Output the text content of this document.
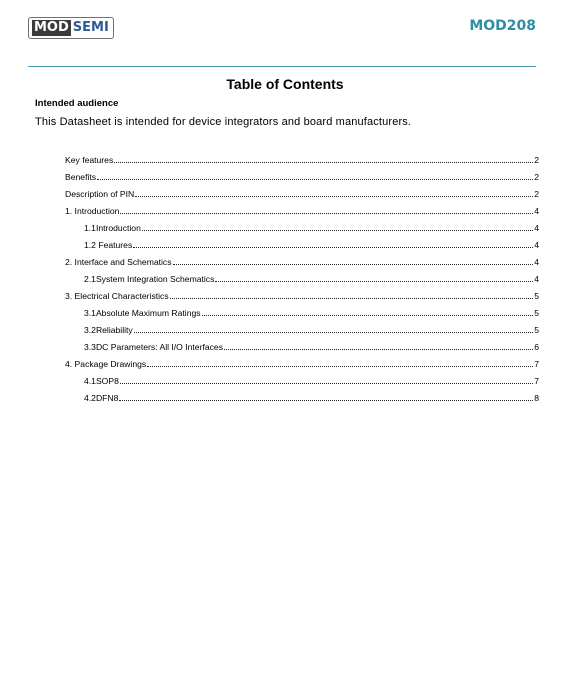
MOD SEMI	MOD208
Table of Contents
Intended audience
This Datasheet is intended for device integrators and board manufacturers.
Key features	2
Benefits	2
Description of PIN	2
1. Introduction	4
1.1Introduction	4
1.2 Features	4
2. Interface and Schematics	4
2.1System Integration Schematics	4
3. Electrical Characteristics	5
3.1Absolute Maximum Ratings	5
3.2Reliability	5
3.3DC Parameters: All I/O Interfaces	6
4. Package Drawings	7
4.1SOP8	7
4.2DFN8	8
